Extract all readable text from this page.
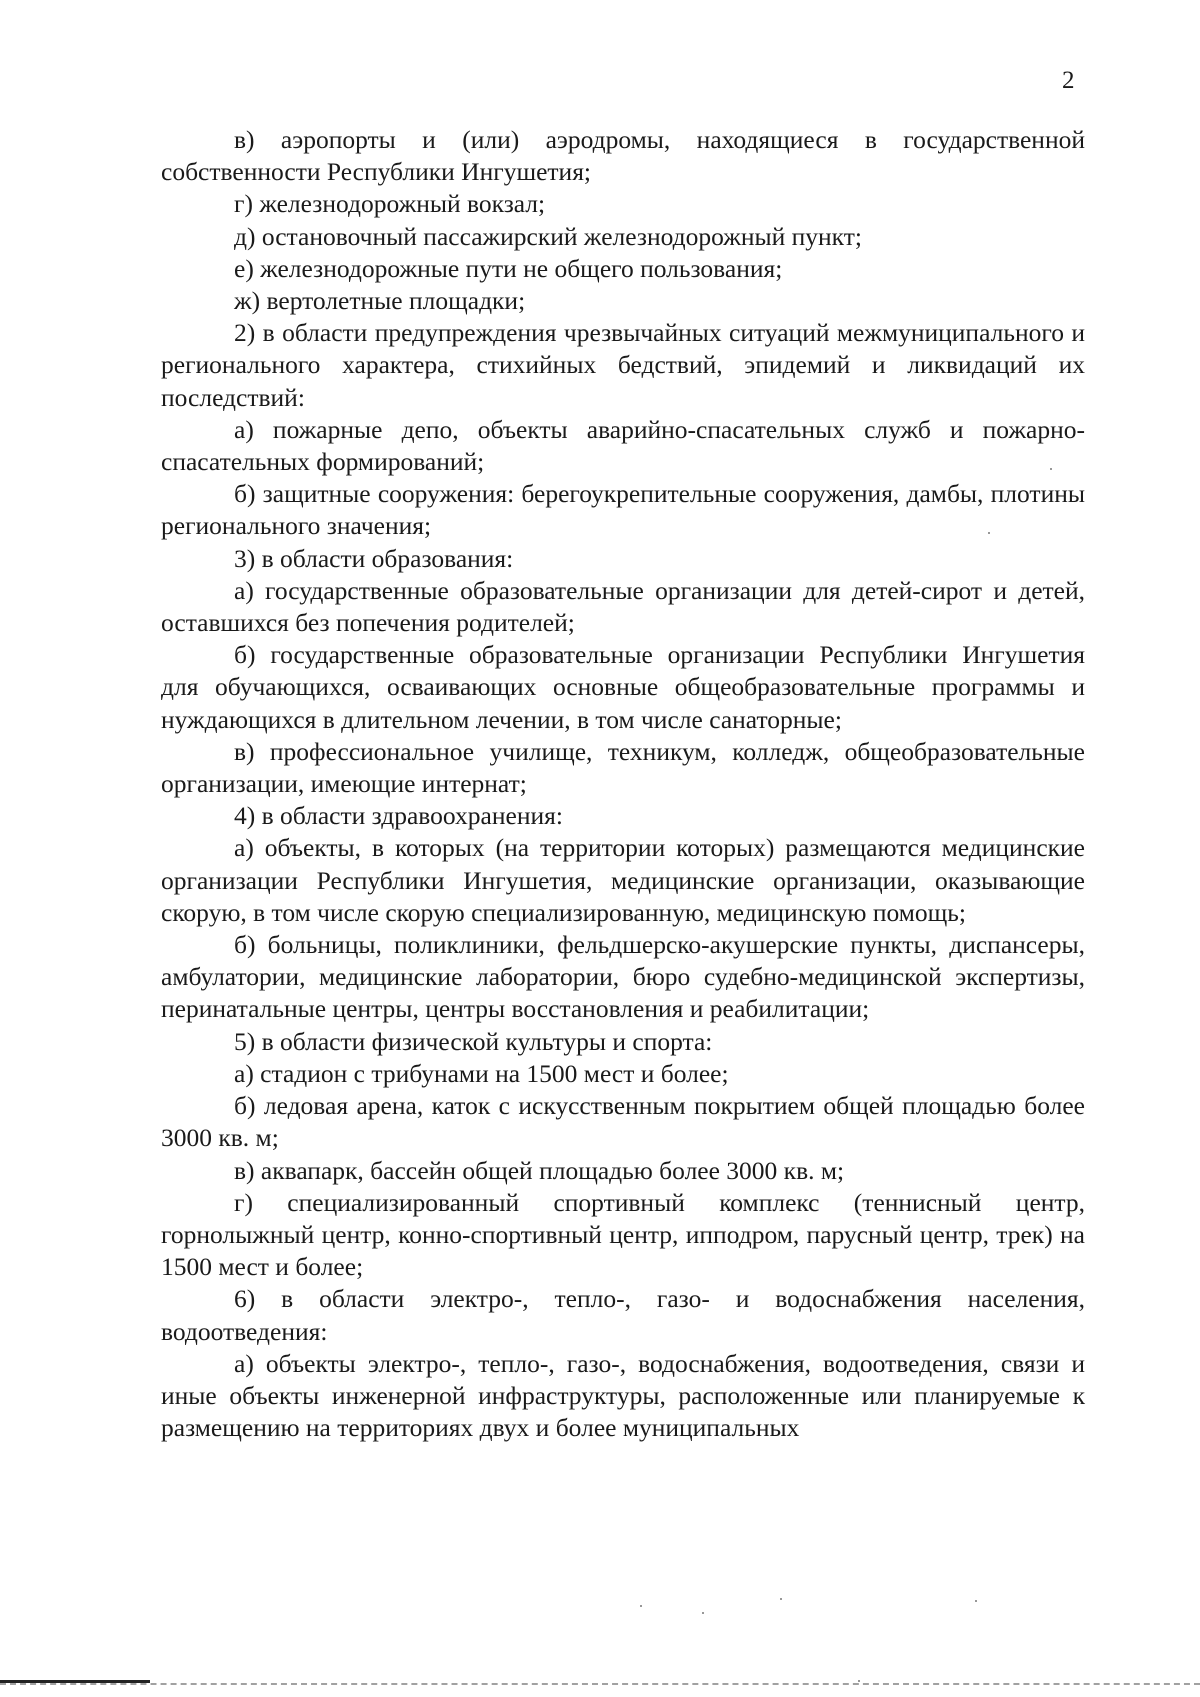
2

в) аэропорты и (или) аэродромы, находящиеся в государственной собственности Республики Ингушетия;

г) железнодорожный вокзал;

д) остановочный пассажирский железнодорожный пункт;

е) железнодорожные пути не общего пользования;

ж) вертолетные площадки;

2) в области предупреждения чрезвычайных ситуаций межмуниципального и регионального характера, стихийных бедствий, эпидемий и ликвидаций их последствий:

а) пожарные депо, объекты аварийно-спасательных служб и пожарно-спасательных формирований;

б) защитные сооружения: берегоукрепительные сооружения, дамбы, плотины регионального значения;

3) в области образования:

а) государственные образовательные организации для детей-сирот и детей, оставшихся без попечения родителей;

б) государственные образовательные организации Республики Ингушетия для обучающихся, осваивающих основные общеобразовательные программы и нуждающихся в длительном лечении, в том числе санаторные;

в) профессиональное училище, техникум, колледж, общеобразовательные организации, имеющие интернат;

4) в области здравоохранения:

а) объекты, в которых (на территории которых) размещаются медицинские организации Республики Ингушетия, медицинские организации, оказывающие скорую, в том числе скорую специализированную, медицинскую помощь;

б) больницы, поликлиники, фельдшерско-акушерские пункты, диспансеры, амбулатории, медицинские лаборатории, бюро судебно-медицинской экспертизы, перинатальные центры, центры восстановления и реабилитации;

5) в области физической культуры и спорта:

а) стадион с трибунами на 1500 мест и более;

б) ледовая арена, каток с искусственным покрытием общей площадью более 3000 кв. м;

в) аквапарк, бассейн общей площадью более 3000 кв. м;

г) специализированный спортивный комплекс (теннисный центр, горнолыжный центр, конно-спортивный центр, ипподром, парусный центр, трек) на 1500 мест и более;

6) в области электро-, тепло-, газо- и водоснабжения населения, водоотведения:

а) объекты электро-, тепло-, газо-, водоснабжения, водоотведения, связи и иные объекты инженерной инфраструктуры, расположенные или планируемые к размещению на территориях двух и более муниципальных
